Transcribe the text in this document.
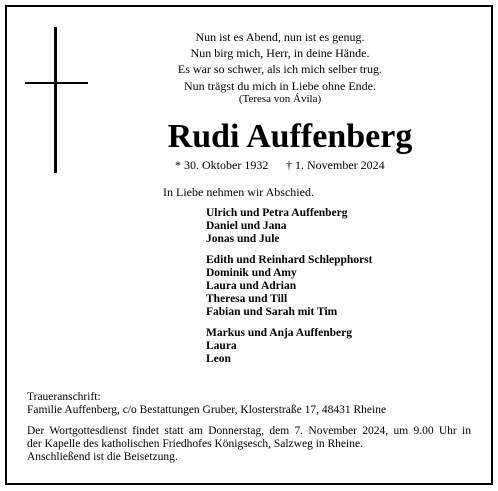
Nun ist es Abend, nun ist es genug.
Nun birg mich, Herr, in deine Hände.
Es war so schwer, als ich mich selber trug.
Nun trägst du mich in Liebe ohne Ende.
(Teresa von Ávila)
Rudi Auffenberg
* 30. Oktober 1932 † 1. November 2024
In Liebe nehmen wir Abschied.
Ulrich und Petra Auffenberg
Daniel und Jana
Jonas und Jule
Edith und Reinhard Schlepphorst
Dominik und Amy
Laura und Adrian
Theresa und Till
Fabian und Sarah mit Tim
Markus und Anja Auffenberg
Laura
Leon
Traueranschrift:
Familie Auffenberg, c/o Bestattungen Gruber, Klosterstraße 17, 48431 Rheine
Der Wortgottesdienst findet statt am Donnerstag, dem 7. November 2024, um 9.00 Uhr in
der Kapelle des katholischen Friedhofes Königsesch, Salzweg in Rheine.
Anschließend ist die Beisetzung.
